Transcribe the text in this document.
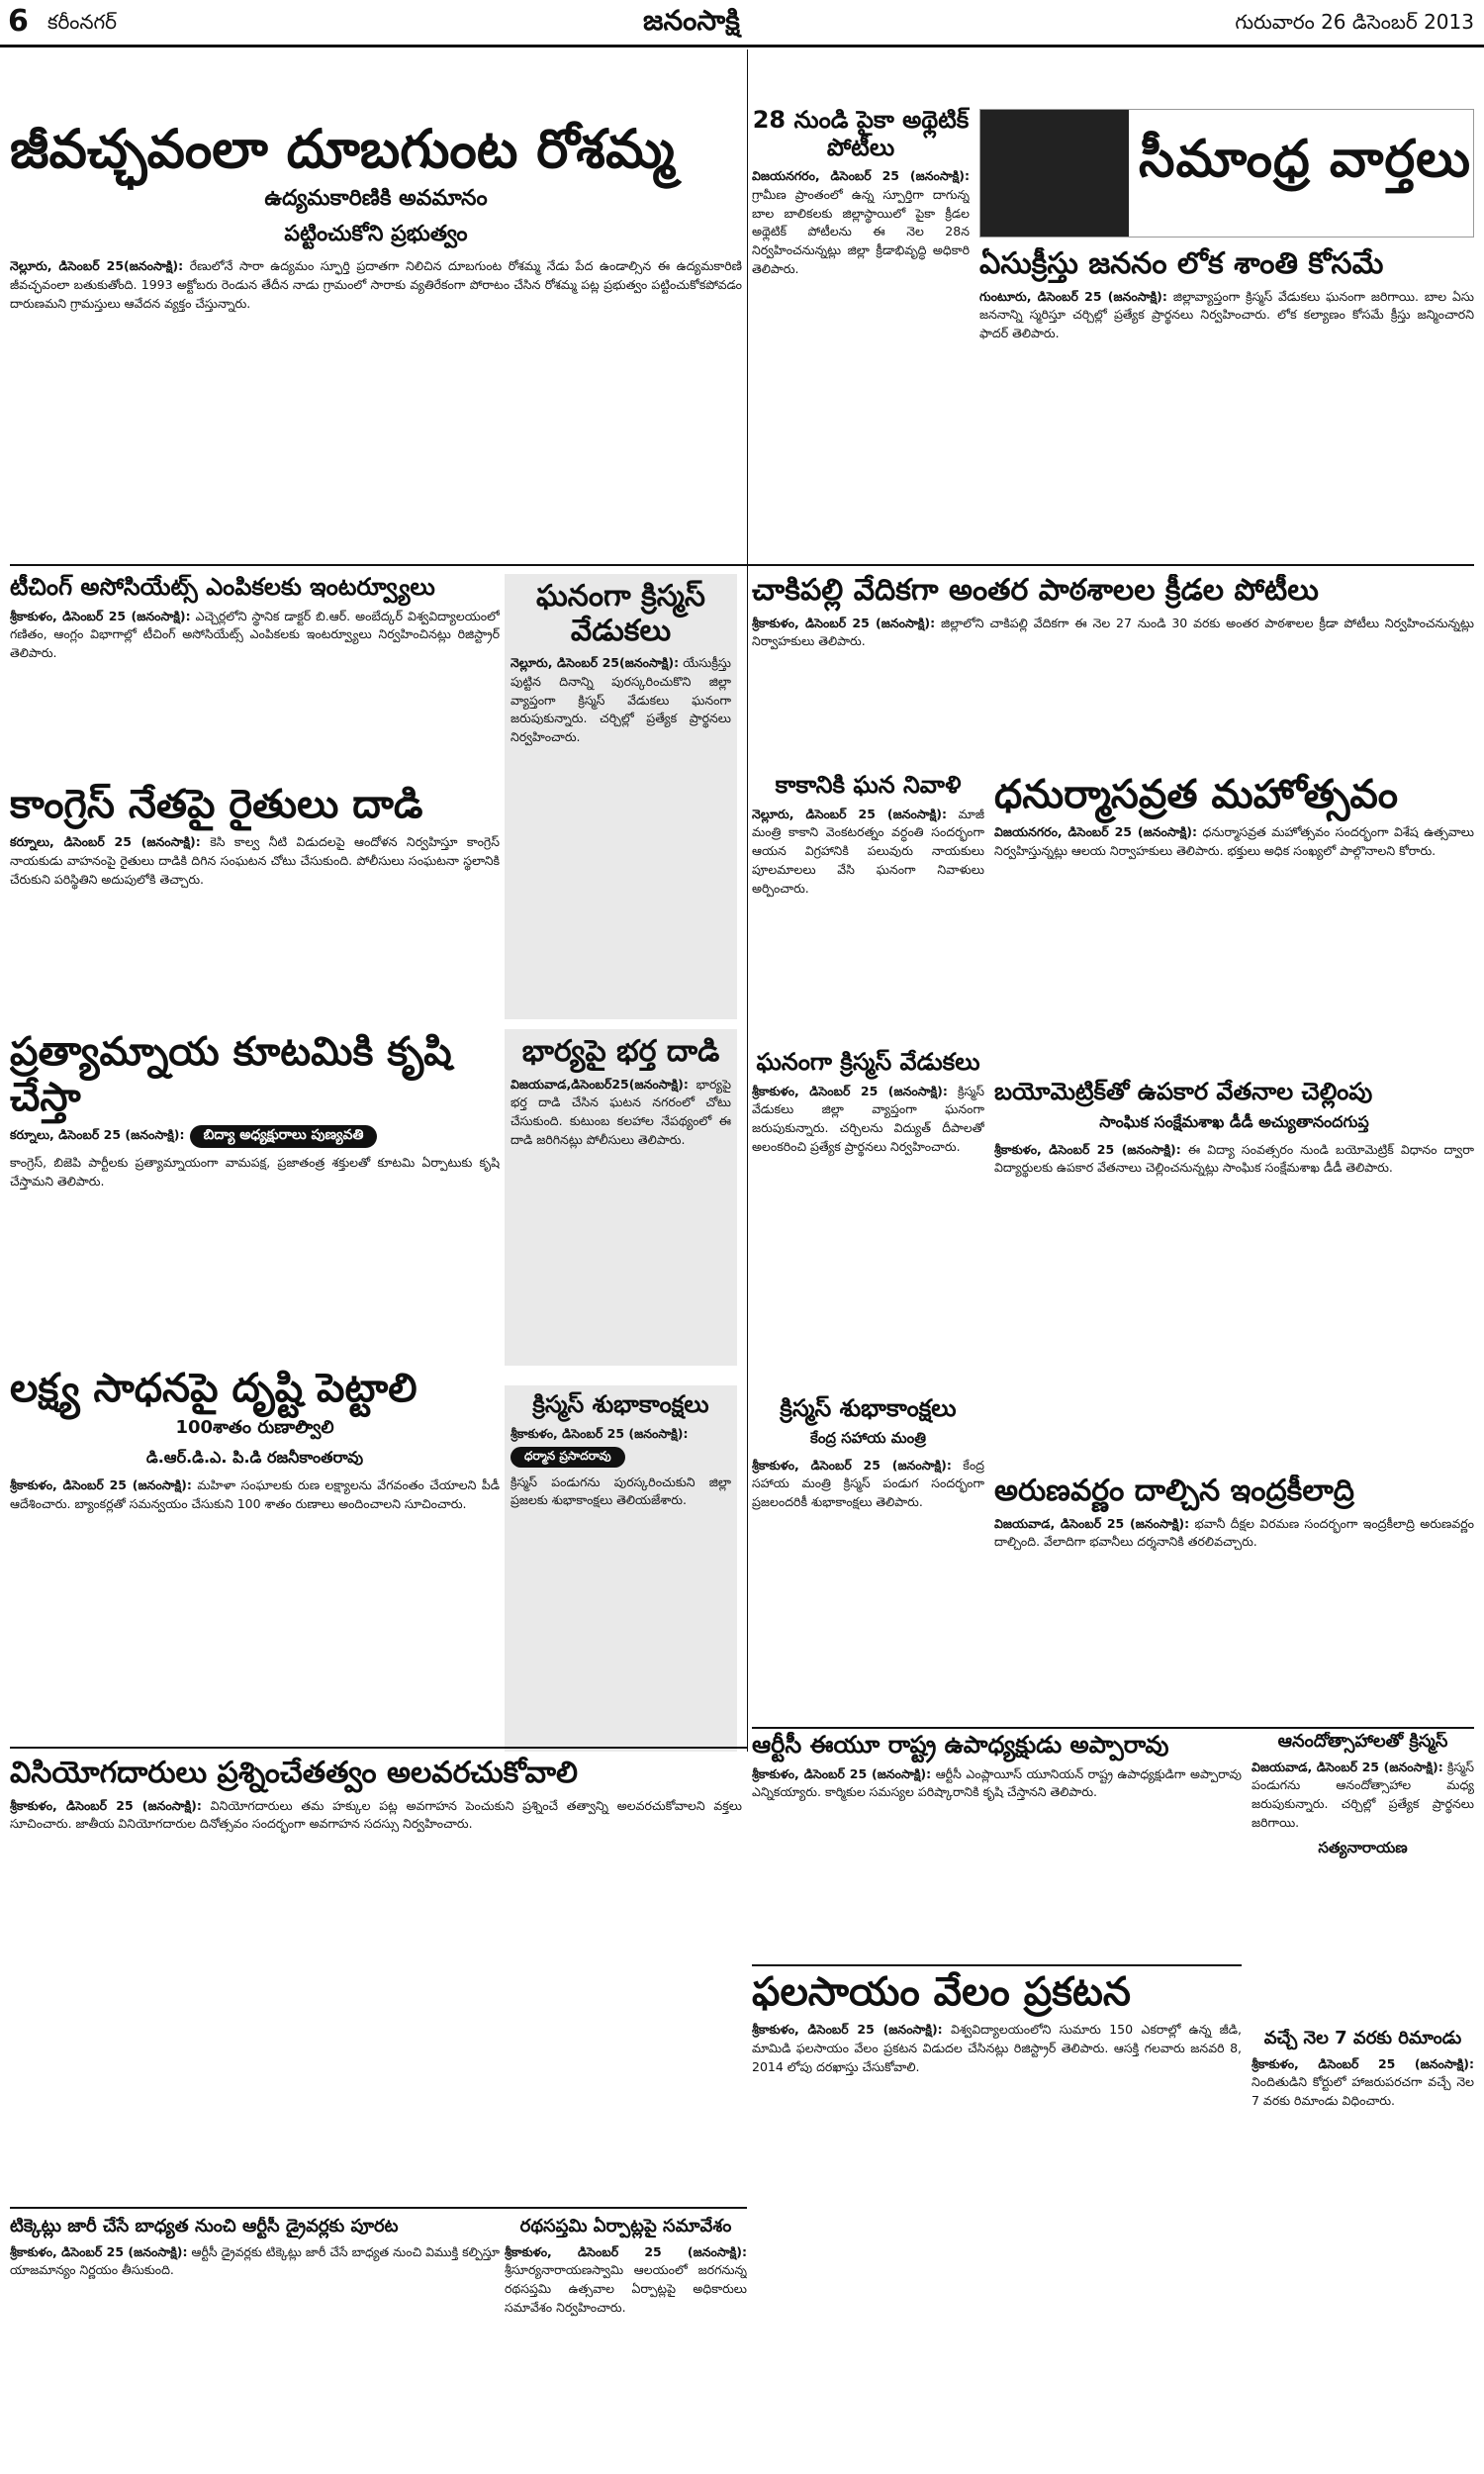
6 కరీంనగర్	జనంసాక్షి	గురువారం 26 డిసెంబర్ 2013
సీమాంధ్ర వార్తలు
జీవచ్ఛవంలా దూబగుంట రోశమ్మ
ఉద్యమకారిణికి అవమానం
పట్టించుకోని ప్రభుత్వం
నెల్లూరు, డిసెంబర్ 25(జనంసాక్షి): రేణులోనే సారా ఉద్యమం స్ఫూర్తి ప్రదాతగా నిలిచిన దూబగుంట రోశమ్మ నేడు పేద ఉండాల్సిన ఈ ఉద్యమకారిణి జీవచ్ఛవంలా బతుకుతోంది. 1993 అక్టోబరు రెండున తేదీన నాడు గ్రామంలో సారాకు వ్యతిరేకంగా పోరాటం చేసిన రోశమ్మ పట్ల ప్రభుత్వం పట్టించుకోకపోవడం దారుణమని గ్రామస్తులు ఆవేదన వ్యక్తం చేస్తున్నారు.
28 నుండి పైకా అథ్లెటిక్ పోటీలు
విజయనగరం, డిసెంబర్ 25 (జనంసాక్షి): గ్రామీణ ప్రాంతంలో ఉన్న స్పూర్తిగా దాగున్న బాల బాలికలకు జిల్లాస్థాయిలో పైకా క్రీడల అథ్లెటిక్ పోటీలను ఈ నెల 28న నిర్వహించనున్నట్లు జిల్లా క్రీడాభివృద్ధి అధికారి తెలిపారు.	ఏసుక్రీస్తు జననం లోక శాంతి కోసమే
గుంటూరు, డిసెంబర్ 25 (జనంసాక్షి): జిల్లావ్యాప్తంగా క్రిస్మస్ వేడుకలు ఘనంగా జరిగాయి. బాల ఏసు జననాన్ని స్మరిస్తూ చర్చిల్లో ప్రత్యేక ప్రార్థనలు నిర్వహించారు. లోక కల్యాణం కోసమే క్రీస్తు జన్మించారని ఫాదర్ తెలిపారు.
టీచింగ్ అసోసియేట్స్ ఎంపికలకు ఇంటర్వ్యూలు
శ్రీకాకుళం, డిసెంబర్ 25 (జనంసాక్షి): ఎచ్చెర్లలోని స్థానిక డాక్టర్ బి.ఆర్. అంబేద్కర్ విశ్వవిద్యాలయంలో గణితం, ఆంగ్లం విభాగాల్లో టీచింగ్ అసోసియేట్స్ ఎంపికలకు ఇంటర్వ్యూలు నిర్వహించినట్లు రిజిస్ట్రార్ తెలిపారు.
ఘనంగా క్రిస్మస్ వేడుకలు
నెల్లూరు, డిసెంబర్ 25(జనంసాక్షి): యేసుక్రీస్తు పుట్టిన దినాన్ని పురస్కరించుకొని జిల్లా వ్యాప్తంగా క్రిస్మస్ వేడుకలు ఘనంగా జరుపుకున్నారు. చర్చిల్లో ప్రత్యేక ప్రార్థనలు నిర్వహించారు.
చాకిపల్లి వేదికగా అంతర పాఠశాలల క్రీడల పోటీలు
శ్రీకాకుళం, డిసెంబర్ 25 (జనంసాక్షి): జిల్లాలోని చాకిపల్లి వేదికగా ఈ నెల 27 నుండి 30 వరకు అంతర పాఠశాలల క్రీడా పోటీలు నిర్వహించనున్నట్లు నిర్వాహకులు తెలిపారు.
కాంగ్రెస్ నేతపై రైతులు దాడి
కర్నూలు, డిసెంబర్ 25 (జనంసాక్షి): కెసి కాల్వ నీటి విడుదలపై ఆందోళన నిర్వహిస్తూ కాంగ్రెస్ నాయకుడు వాహనంపై రైతులు దాడికి దిగిన సంఘటన చోటు చేసుకుంది. పోలీసులు సంఘటనా స్థలానికి చేరుకుని పరిస్థితిని అదుపులోకి తెచ్చారు.
కాకానికి ఘన నివాళి
నెల్లూరు, డిసెంబర్ 25 (జనంసాక్షి): మాజీ మంత్రి కాకాని వెంకటరత్నం వర్ధంతి సందర్భంగా ఆయన విగ్రహానికి పలువురు నాయకులు పూలమాలలు వేసి ఘనంగా నివాళులు అర్పించారు.
ధనుర్మాసవ్రత మహోత్సవం
విజయనగరం, డిసెంబర్ 25 (జనంసాక్షి): ధనుర్మాసవ్రత మహోత్సవం సందర్భంగా విశేష ఉత్సవాలు నిర్వహిస్తున్నట్లు ఆలయ నిర్వాహకులు తెలిపారు. భక్తులు అధిక సంఖ్యలో పాల్గొనాలని కోరారు.
ప్రత్యామ్నాయ కూటమికి కృషి చేస్తా
కర్నూలు, డిసెంబర్ 25 (జనంసాక్షి): బిద్యా అధ్యక్షురాలు పుణ్యవతి
కాంగ్రెస్, బిజెపి పార్టీలకు ప్రత్యామ్నాయంగా వామపక్ష, ప్రజాతంత్ర శక్తులతో కూటమి ఏర్పాటుకు కృషి చేస్తామని తెలిపారు.
భార్యపై భర్త దాడి
విజయవాడ,డిసెంబర్25(జనంసాక్షి): భార్యపై భర్త దాడి చేసిన ఘటన నగరంలో చోటు చేసుకుంది. కుటుంబ కలహాల నేపథ్యంలో ఈ దాడి జరిగినట్లు పోలీసులు తెలిపారు.
ఘనంగా క్రిస్మస్ వేడుకలు
శ్రీకాకుళం, డిసెంబర్ 25 (జనంసాక్షి): క్రిస్మస్ వేడుకలు జిల్లా వ్యాప్తంగా ఘనంగా జరుపుకున్నారు. చర్చిలను విద్యుత్ దీపాలతో అలంకరించి ప్రత్యేక ప్రార్థనలు నిర్వహించారు.
బయోమెట్రిక్‌తో ఉపకార వేతనాల చెల్లింపు
సాంఘిక సంక్షేమశాఖ డీడీ అచ్యుతానందగుప్త
శ్రీకాకుళం, డిసెంబర్ 25 (జనంసాక్షి): ఈ విద్యా సంవత్సరం నుండి బయోమెట్రిక్ విధానం ద్వారా విద్యార్థులకు ఉపకార వేతనాలు చెల్లించనున్నట్లు సాంఘిక సంక్షేమశాఖ డీడీ తెలిపారు.
లక్ష్య సాధనపై దృష్టి పెట్టాలి
100శాతం రుణాల్విాలి
డి.ఆర్.డి.ఎ. పి.డి రజనీకాంతరావు
శ్రీకాకుళం, డిసెంబర్ 25 (జనంసాక్షి): మహిళా సంఘాలకు రుణ లక్ష్యాలను వేగవంతం చేయాలని పీడీ ఆదేశించారు. బ్యాంకర్లతో సమన్వయం చేసుకుని 100 శాతం రుణాలు అందించాలని సూచించారు.
క్రిస్మస్ శుభాకాంక్షలు
శ్రీకాకుళం, డిసెంబర్ 25 (జనంసాక్షి): ధర్మాన ప్రసాదరావు
క్రిస్మస్ పండుగను పురస్కరించుకుని జిల్లా ప్రజలకు శుభాకాంక్షలు తెలియజేశారు.
క్రిస్మస్ శుభాకాంక్షలు
కేంద్ర సహాయ మంత్రి
శ్రీకాకుళం, డిసెంబర్ 25 (జనంసాక్షి): కేంద్ర సహాయ మంత్రి క్రిస్మస్ పండుగ సందర్భంగా ప్రజలందరికీ శుభాకాంక్షలు తెలిపారు.	అరుణవర్ణం దాల్చిన ఇంద్రకీలాద్రి
విజయవాడ, డిసెంబర్ 25 (జనంసాక్షి): భవానీ దీక్షల విరమణ సందర్భంగా ఇంద్రకీలాద్రి అరుణవర్ణం దాల్చింది. వేలాదిగా భవానీలు దర్శనానికి తరలివచ్చారు.
ఆర్టీసీ ఈయూ రాష్ట్ర ఉపాధ్యక్షుడు అప్పారావు
శ్రీకాకుళం, డిసెంబర్ 25 (జనంసాక్షి): ఆర్టీసీ ఎంప్లాయీస్ యూనియన్ రాష్ట్ర ఉపాధ్యక్షుడిగా అప్పారావు ఎన్నికయ్యారు. కార్మికుల సమస్యల పరిష్కారానికి కృషి చేస్తానని తెలిపారు.
ఆనందోత్సాహాలతో క్రిస్మస్
విజయవాడ, డిసెంబర్ 25 (జనంసాక్షి): క్రిస్మస్ పండుగను ఆనందోత్సాహాల మధ్య జరుపుకున్నారు. చర్చిల్లో ప్రత్యేక ప్రార్థనలు జరిగాయి.
సత్యనారాయణ
విసియోగదారులు ప్రశ్నించేతత్వం అలవరచుకోవాలి
శ్రీకాకుళం, డిసెంబర్ 25 (జనంసాక్షి): వినియోగదారులు తమ హక్కుల పట్ల అవగాహన పెంచుకుని ప్రశ్నించే తత్వాన్ని అలవరచుకోవాలని వక్తలు సూచించారు. జాతీయ వినియోగదారుల దినోత్సవం సందర్భంగా అవగాహన సదస్సు నిర్వహించారు.
ఫలసాయం వేలం ప్రకటన
శ్రీకాకుళం, డిసెంబర్ 25 (జనంసాక్షి): విశ్వవిద్యాలయంలోని సుమారు 150 ఎకరాల్లో ఉన్న జీడి, మామిడి ఫలసాయం వేలం ప్రకటన విడుదల చేసినట్లు రిజిస్ట్రార్ తెలిపారు. ఆసక్తి గలవారు జనవరి 8, 2014 లోపు దరఖాస్తు చేసుకోవాలి.
వచ్చే నెల 7 వరకు రిమాండు
శ్రీకాకుళం, డిసెంబర్ 25 (జనంసాక్షి): నిందితుడిని కోర్టులో హాజరుపరచగా వచ్చే నెల 7 వరకు రిమాండు విధించారు.
టిక్కెట్లు జారీ చేసే బాధ్యత నుంచి ఆర్టీసీ డ్రైవర్లకు పూరట
శ్రీకాకుళం, డిసెంబర్ 25 (జనంసాక్షి): ఆర్టీసీ డ్రైవర్లకు టిక్కెట్లు జారీ చేసే బాధ్యత నుంచి విముక్తి కల్పిస్తూ యాజమాన్యం నిర్ణయం తీసుకుంది.
రథసప్తమి ఏర్పాట్లపై సమావేశం
శ్రీకాకుళం, డిసెంబర్ 25 (జనంసాక్షి): శ్రీసూర్యనారాయణస్వామి ఆలయంలో జరగనున్న రథసప్తమి ఉత్సవాల ఏర్పాట్లపై అధికారులు సమావేశం నిర్వహించారు.
